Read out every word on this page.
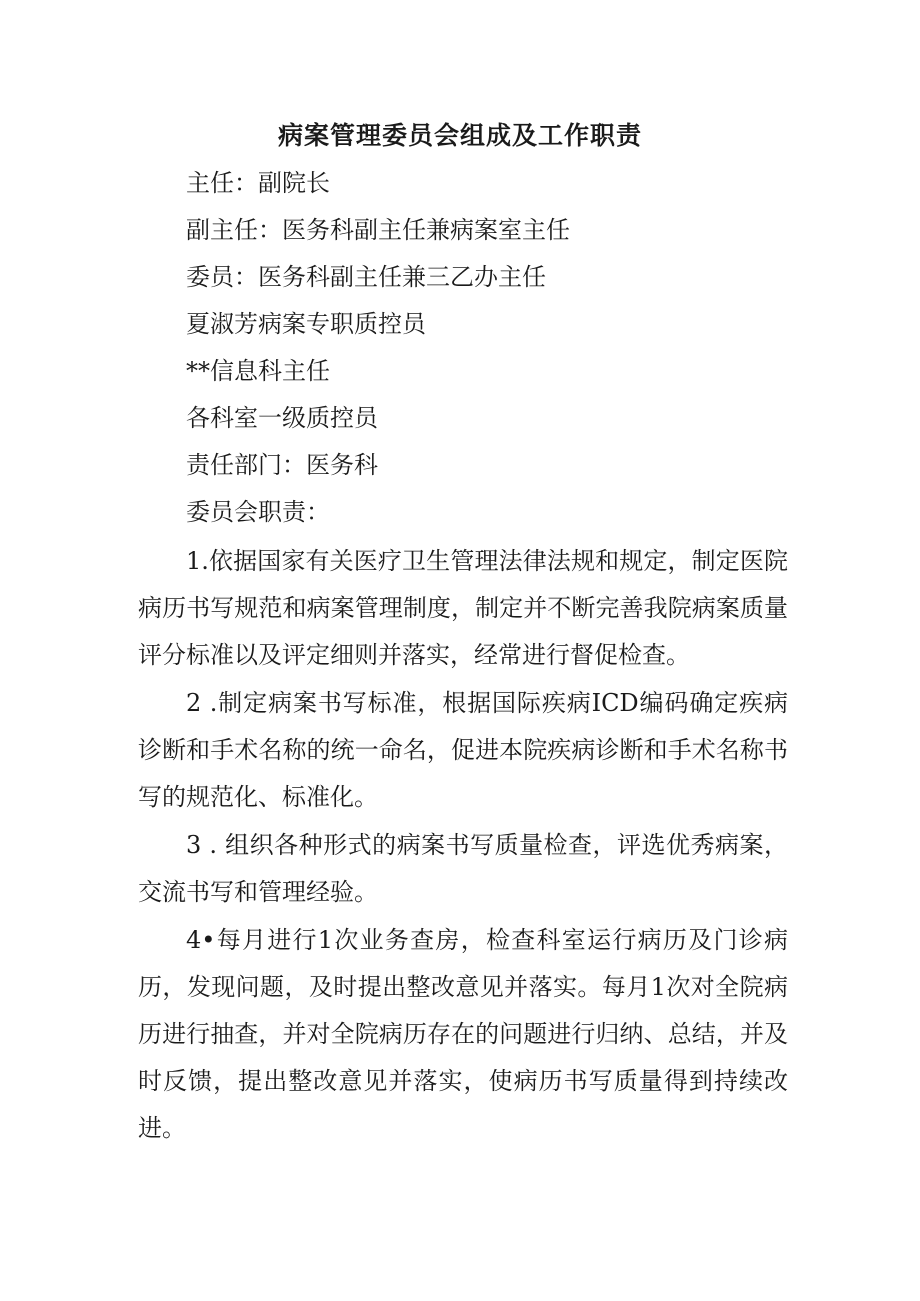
病案管理委员会组成及工作职责
主任：副院长
副主任：医务科副主任兼病案室主任
委员：医务科副主任兼三乙办主任
夏淑芳病案专职质控员
**信息科主任
各科室一级质控员
责任部门：医务科
委员会职责：

1.依据国家有关医疗卫生管理法律法规和规定，制定医院病历书写规范和病案管理制度，制定并不断完善我院病案质量评分标准以及评定细则并落实，经常进行督促检查。

2 .制定病案书写标准，根据国际疾病ICD编码确定疾病诊断和手术名称的统一命名，促进本院疾病诊断和手术名称书写的规范化、标准化。

3 . 组织各种形式的病案书写质量检查，评选优秀病案，交流书写和管理经验。

4•每月进行1次业务查房，检查科室运行病历及门诊病历，发现问题，及时提出整改意见并落实。每月1次对全院病历进行抽查，并对全院病历存在的问题进行归纳、总结，并及时反馈，提出整改意见并落实，使病历书写质量得到持续改进。
